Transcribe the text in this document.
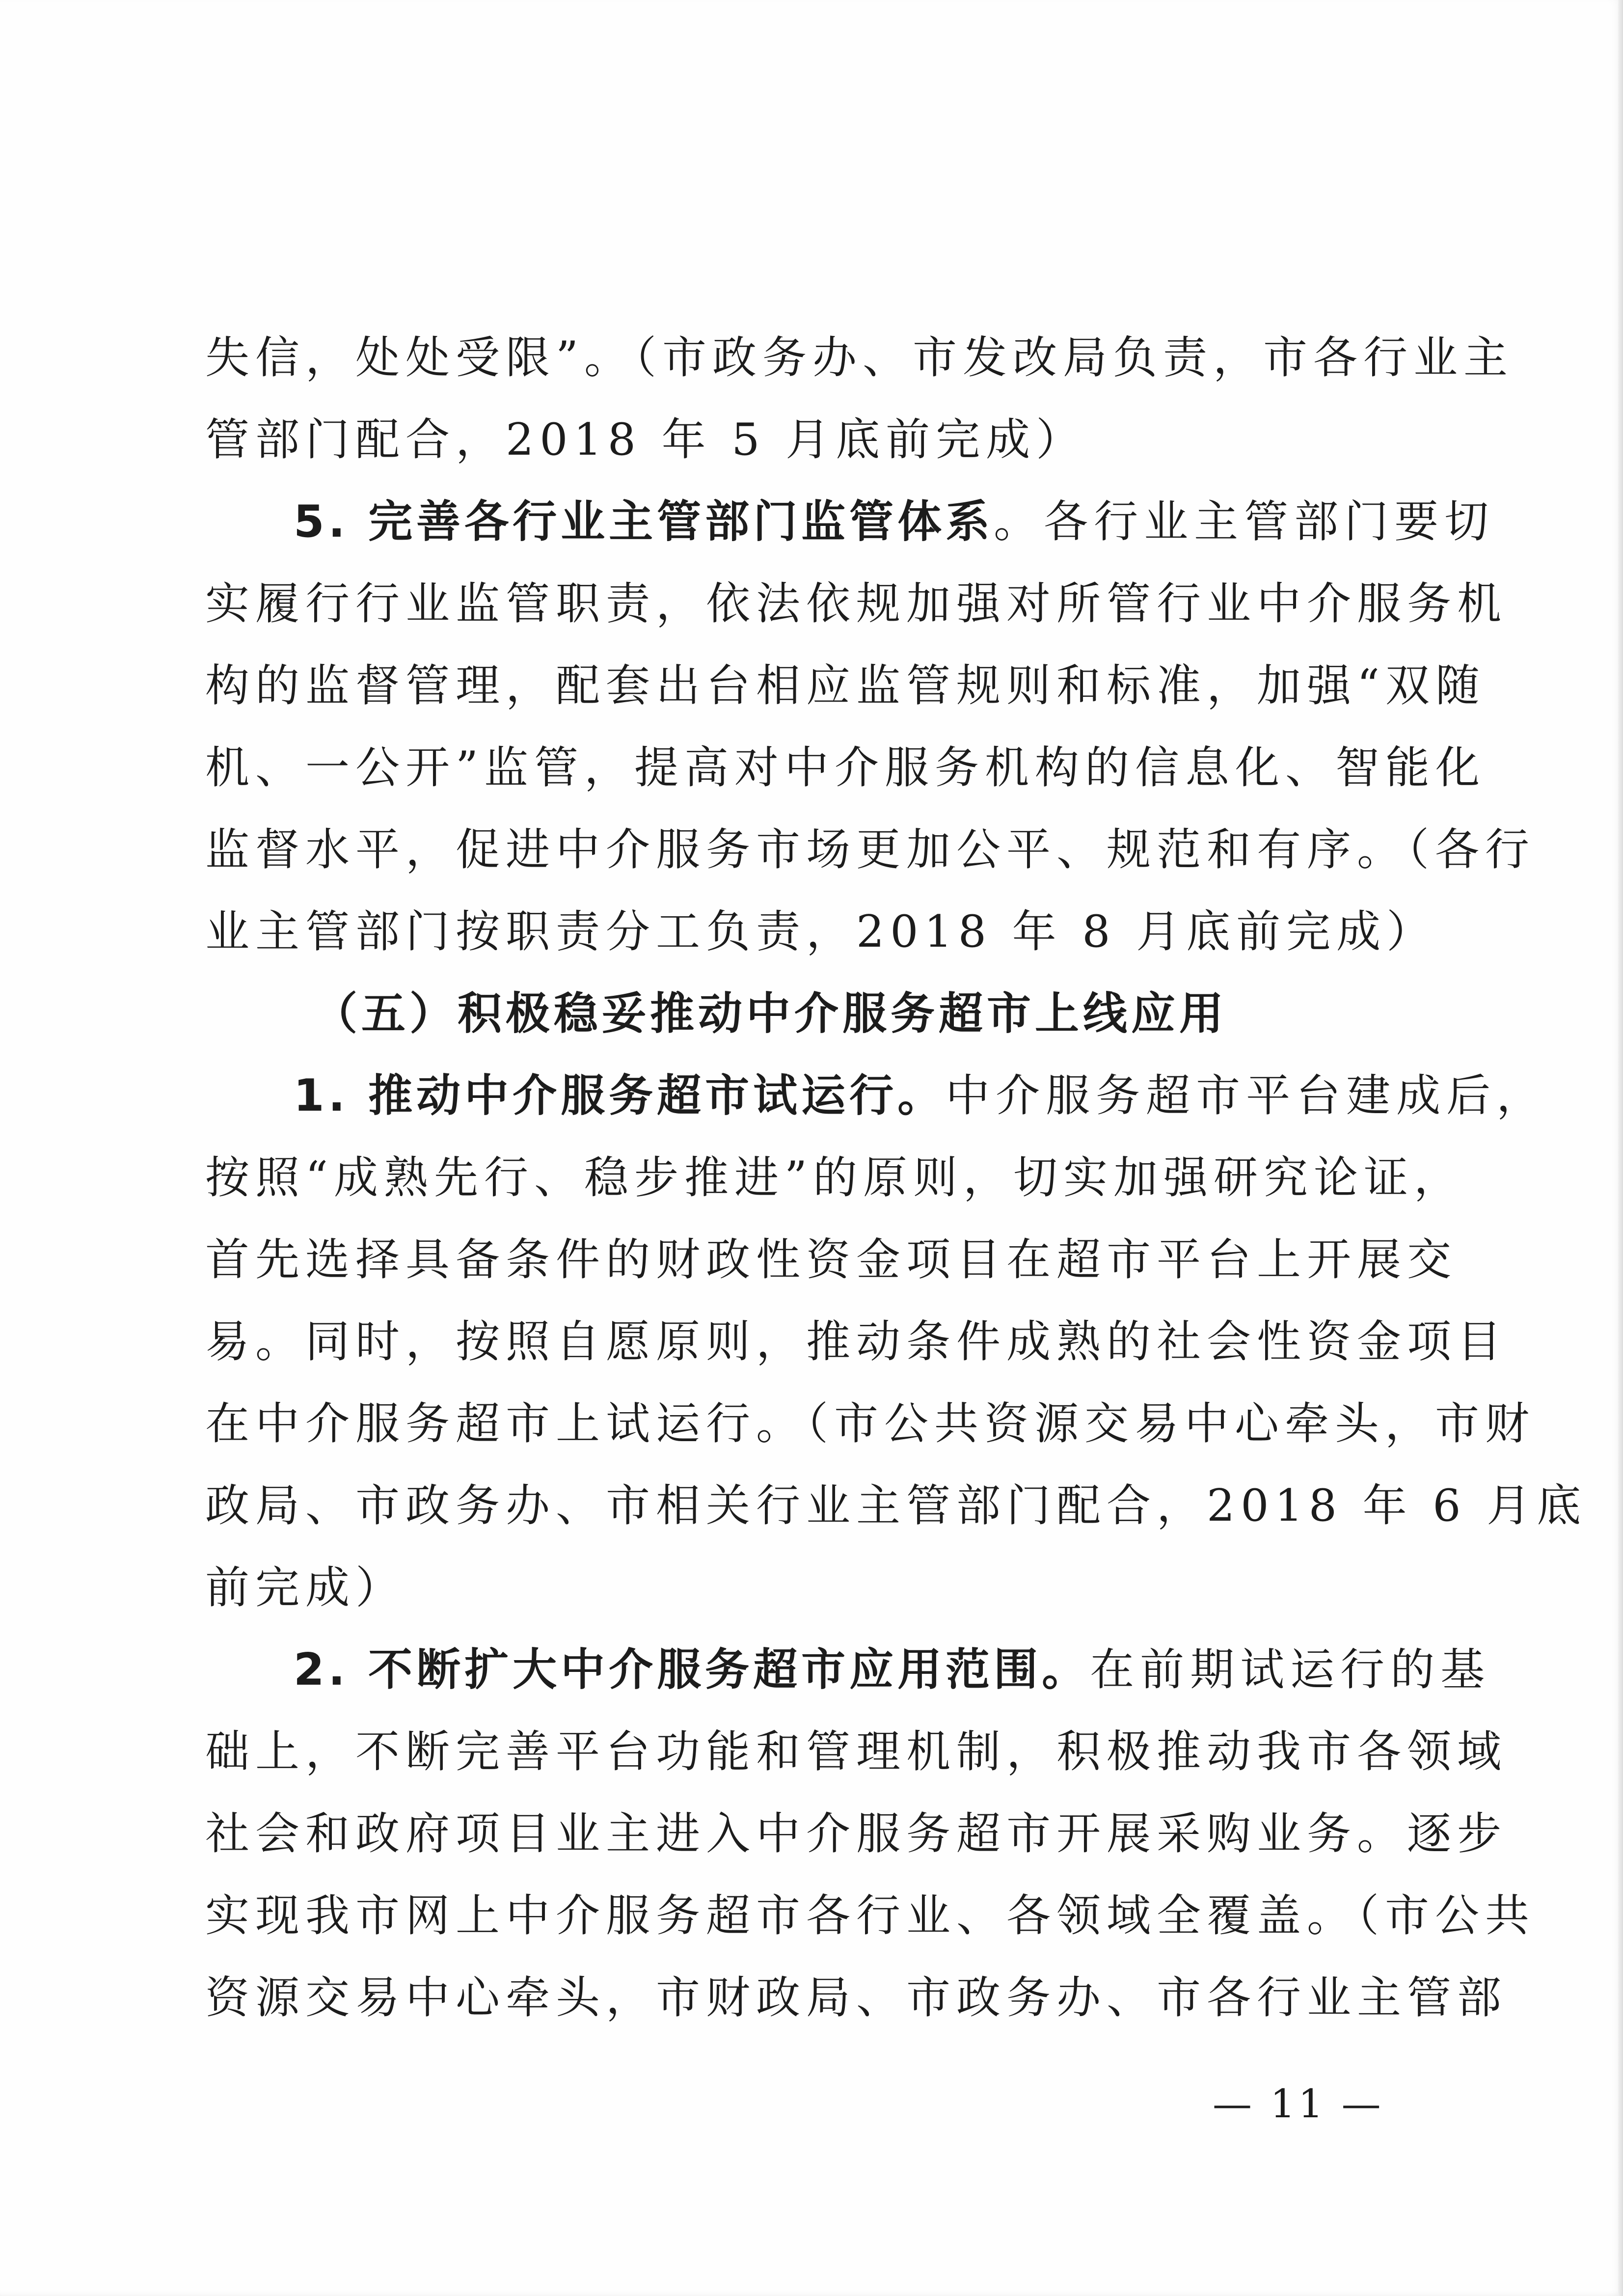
失信，处处受限”。（市政务办、市发改局负责，市各行业主
管部门配合，2018 年 5 月底前完成）
5. 完善各行业主管部门监管体系。各行业主管部门要切
实履行行业监管职责，依法依规加强对所管行业中介服务机
构的监督管理，配套出台相应监管规则和标准，加强“双随
机、一公开”监管，提高对中介服务机构的信息化、智能化
监督水平，促进中介服务市场更加公平、规范和有序。（各行
业主管部门按职责分工负责，2018 年 8 月底前完成）
（五）积极稳妥推动中介服务超市上线应用
1. 推动中介服务超市试运行。中介服务超市平台建成后，
按照“成熟先行、稳步推进”的原则，切实加强研究论证，
首先选择具备条件的财政性资金项目在超市平台上开展交
易。同时，按照自愿原则，推动条件成熟的社会性资金项目
在中介服务超市上试运行。（市公共资源交易中心牵头，市财
政局、市政务办、市相关行业主管部门配合，2018 年 6 月底
前完成）
2. 不断扩大中介服务超市应用范围。在前期试运行的基
础上，不断完善平台功能和管理机制，积极推动我市各领域
社会和政府项目业主进入中介服务超市开展采购业务。逐步
实现我市网上中介服务超市各行业、各领域全覆盖。（市公共
资源交易中心牵头，市财政局、市政务办、市各行业主管部
— 11 —
